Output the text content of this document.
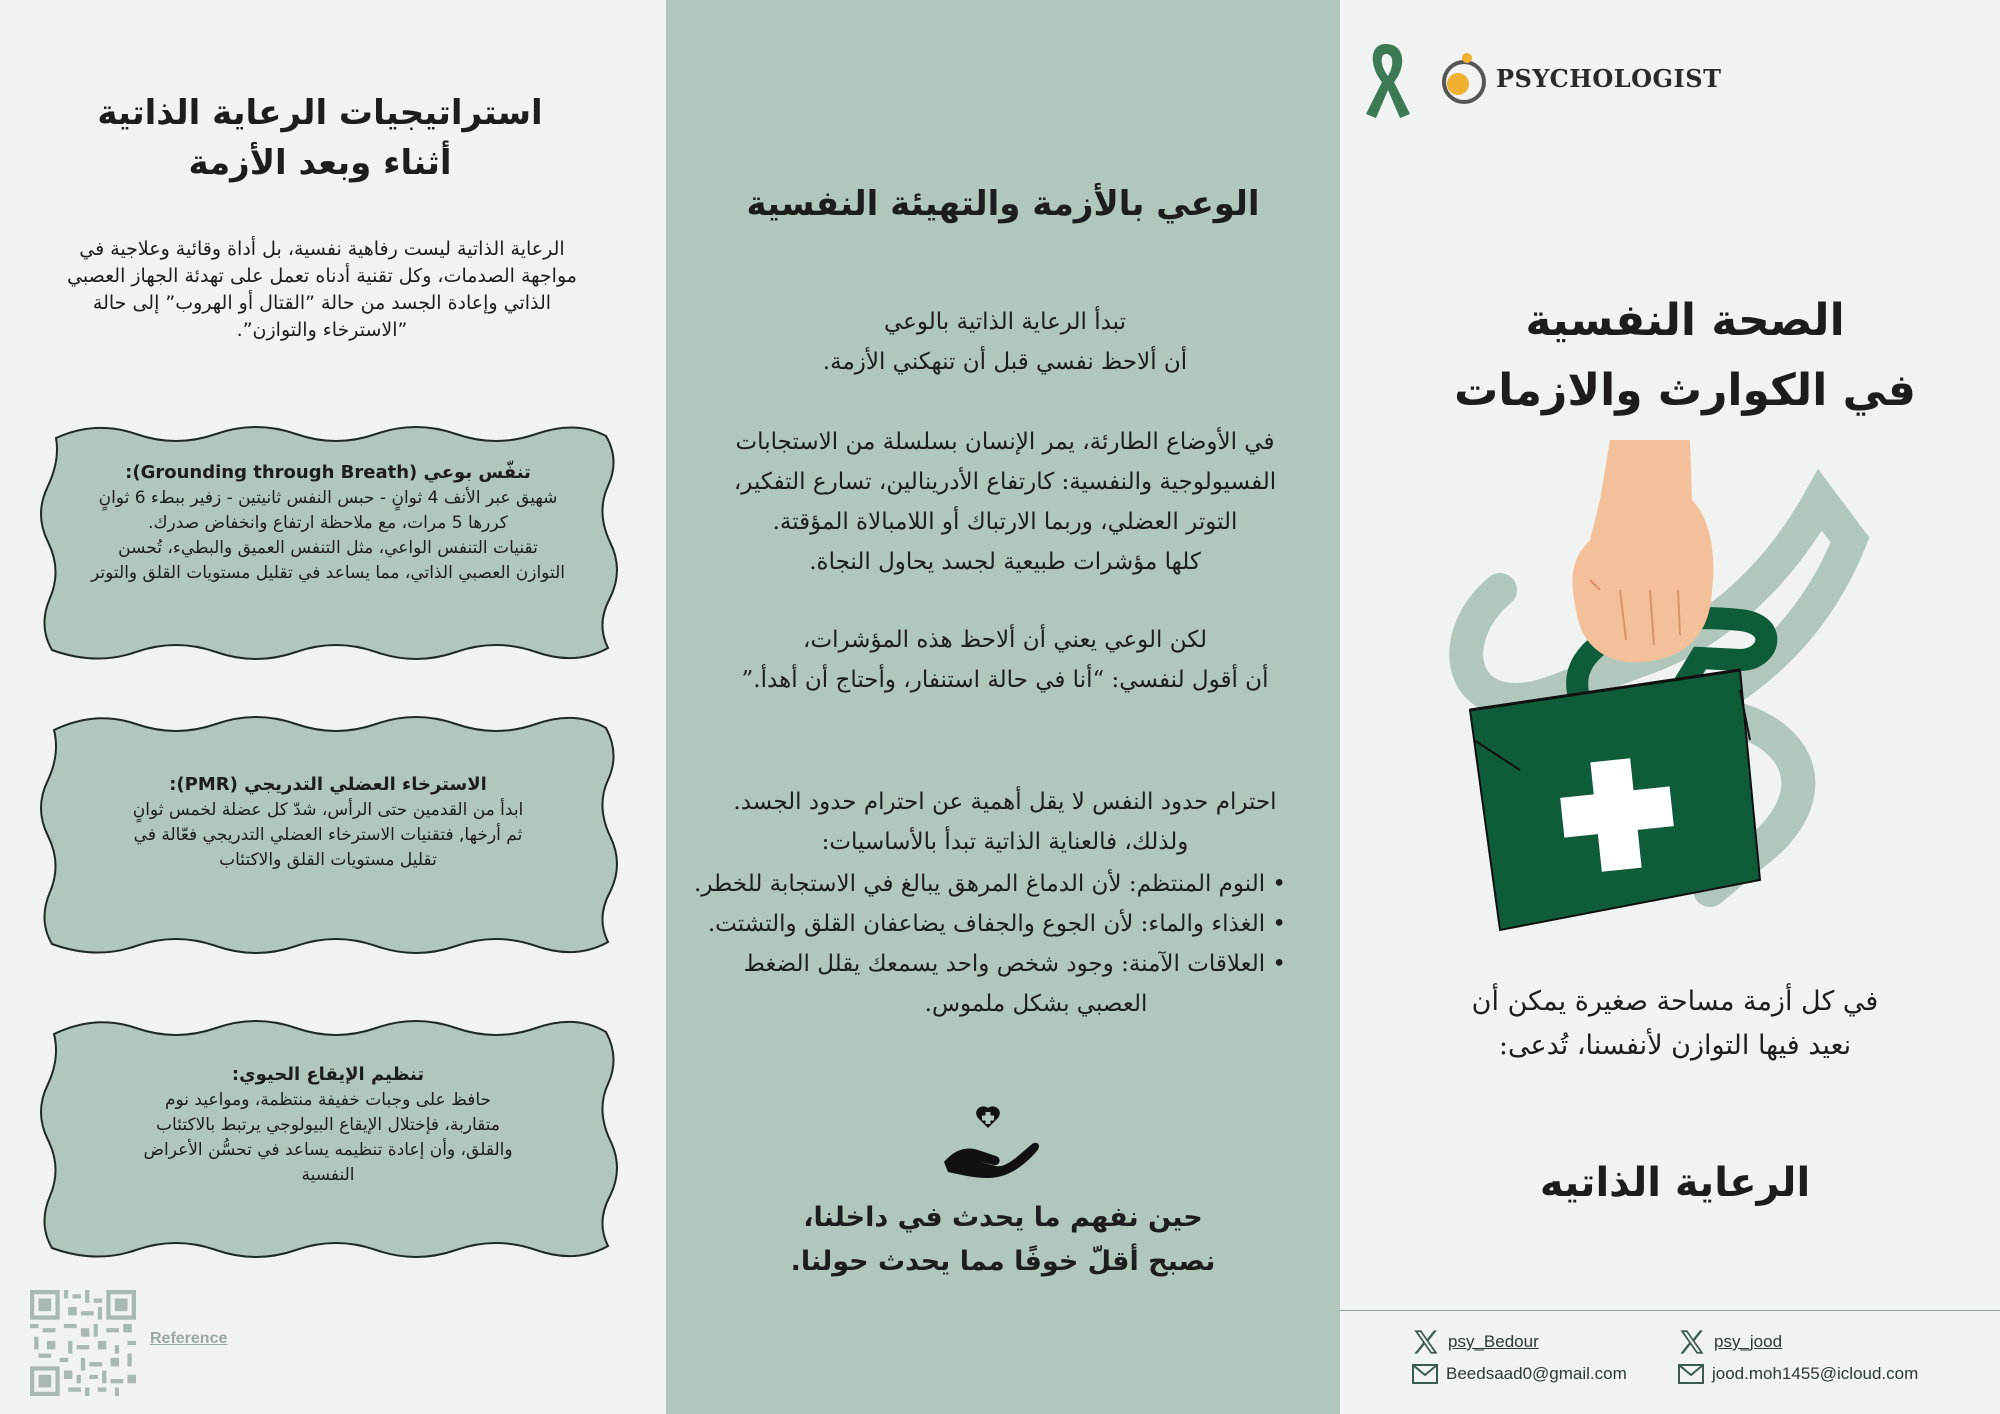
استراتيجيات الرعاية الذاتية
أثناء وبعد الأزمة
الرعاية الذاتية ليست رفاهية نفسية، بل أداة وقائية وعلاجية في مواجهة الصدمات، وكل تقنية أدناه تعمل على تهدئة الجهاز العصبي الذاتي وإعادة الجسد من حالة ”القتال أو الهروب” إلى حالة ”الاسترخاء والتوازن”.
تنفّس بوعي (Grounding through Breath):
شهيق عبر الأنف 4 ثوانٍ - حبس النفس ثانيتين - زفير ببطء 6 ثوانٍ
كررها 5 مرات، مع ملاحظة ارتفاع وانخفاض صدرك.
تقنيات التنفس الواعي، مثل التنفس العميق والبطيء، تُحسن
التوازن العصبي الذاتي، مما يساعد في تقليل مستويات القلق والتوتر
الاسترخاء العضلي التدريجي (PMR):
ابدأ من القدمين حتى الرأس، شدّ كل عضلة لخمس ثوانٍ
ثم أرخها, فتقنيات الاسترخاء العضلي التدريجي فعّالة في
تقليل مستويات القلق والاكتئاب
تنظيم الإيقاع الحيوي:
حافظ على وجبات خفيفة منتظمة، ومواعيد نوم
متقاربة، فإختلال الإيقاع البيولوجي يرتبط بالاكتئاب
والقلق، وأن إعادة تنظيمه يساعد في تحسُّن الأعراض
النفسية
Reference
الوعي بالأزمة والتهيئة النفسية
تبدأ الرعاية الذاتية بالوعي
أن ألاحظ نفسي قبل أن تنهكني الأزمة.
في الأوضاع الطارئة، يمر الإنسان بسلسلة من الاستجابات
الفسيولوجية والنفسية: كارتفاع الأدرينالين، تسارع التفكير،
التوتر العضلي، وربما الارتباك أو اللامبالاة المؤقتة.
كلها مؤشرات طبيعية لجسد يحاول النجاة.
لكن الوعي يعني أن ألاحظ هذه المؤشرات،
أن أقول لنفسي: “أنا في حالة استنفار، وأحتاج أن أهدأ.”
احترام حدود النفس لا يقل أهمية عن احترام حدود الجسد.
ولذلك، فالعناية الذاتية تبدأ بالأساسيات:
• النوم المنتظم: لأن الدماغ المرهق يبالغ في الاستجابة للخطر.
• الغذاء والماء: لأن الجوع والجفاف يضاعفان القلق والتشتت.
• العلاقات الآمنة: وجود شخص واحد يسمعك يقلل الضغط
العصبي بشكل ملموس.
حين نفهم ما يحدث في داخلنا،
نصبح أقلّ خوفًا مما يحدث حولنا.
PSYCHOLOGIST
الصحة النفسية
في الكوارث والازمات
في كل أزمة مساحة صغيرة يمكن أن
نعيد فيها التوازن لأنفسنا، تُدعى:
الرعاية الذاتيه
psy_Bedour
Beedsaad0@gmail.com
psy_jood
jood.moh1455@icloud.com
